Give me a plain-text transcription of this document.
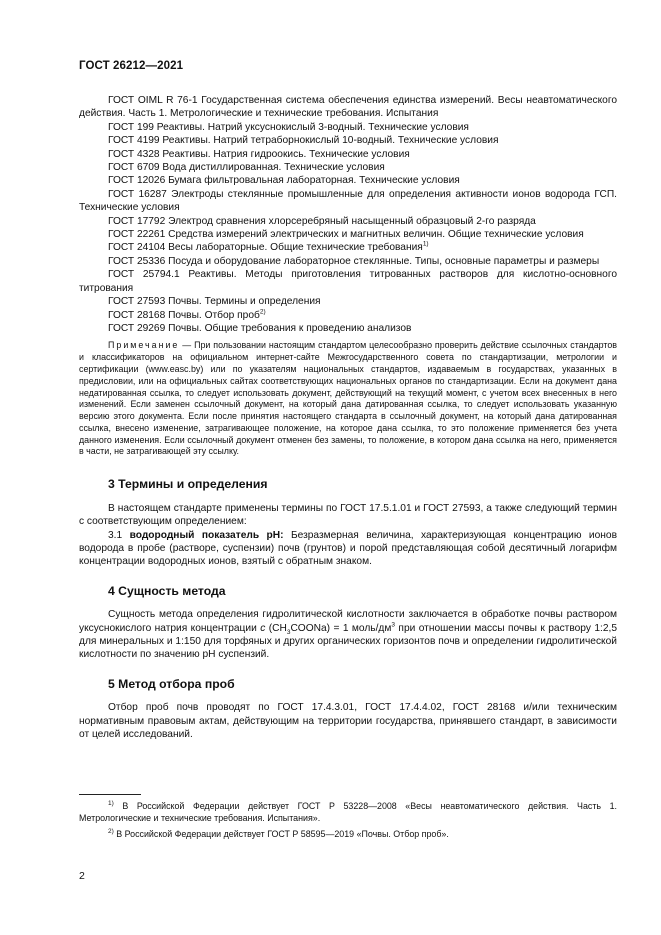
ГОСТ 26212—2021

ГОСТ OIML R 76-1 Государственная система обеспечения единства измерений. Весы неавтоматического действия. Часть 1. Метрологические и технические требования. Испытания

ГОСТ 199 Реактивы. Натрий уксуснокислый 3-водный. Технические условия

ГОСТ 4199 Реактивы. Натрий тетраборнокислый 10-водный. Технические условия

ГОСТ 4328 Реактивы. Натрия гидроокись. Технические условия

ГОСТ 6709 Вода дистиллированная. Технические условия

ГОСТ 12026 Бумага фильтровальная лабораторная. Технические условия

ГОСТ 16287 Электроды стеклянные промышленные для определения активности ионов водорода ГСП. Технические условия

ГОСТ 17792 Электрод сравнения хлорсеребряный насыщенный образцовый 2-го разряда

ГОСТ 22261 Средства измерений электрических и магнитных величин. Общие технические условия

ГОСТ 24104 Весы лабораторные. Общие технические требования$^{1)}$

ГОСТ 25336 Посуда и оборудование лабораторное стеклянные. Типы, основные параметры и размеры

ГОСТ 25794.1 Реактивы. Методы приготовления титрованных растворов для кислотно-основного титрования

ГОСТ 27593 Почвы. Термины и определения

ГОСТ 28168 Почвы. Отбор проб$^{2)}$

ГОСТ 29269 Почвы. Общие требования к проведению анализов

Примечание — При пользовании настоящим стандартом целесообразно проверить действие ссылочных стандартов и классификаторов на официальном интернет-сайте Межгосударственного совета по стандартизации, метрологии и сертификации (www.easc.by) или по указателям национальных стандартов, издаваемым в государствах, указанных в предисловии, или на официальных сайтах соответствующих национальных органов по стандартизации. Если на документ дана недатированная ссылка, то следует использовать документ, действующий на текущий момент, с учетом всех внесенных в него изменений. Если заменен ссылочный документ, на который дана датированная ссылка, то следует использовать указанную версию этого документа. Если после принятия настоящего стандарта в ссылочный документ, на который дана датированная ссылка, внесено изменение, затрагивающее положение, на которое дана ссылка, то это положение применяется без учета данного изменения. Если ссылочный документ отменен без замены, то положение, в котором дана ссылка на него, применяется в части, не затрагивающей эту ссылку.

3 Термины и определения

В настоящем стандарте применены термины по ГОСТ 17.5.1.01 и ГОСТ 27593, а также следующий термин с соответствующим определением:

3.1 водородный показатель pH: Безразмерная величина, характеризующая концентрацию ионов водорода в пробе (растворе, суспензии) почв (грунтов) и порой представляющая собой десятичный логарифм концентрации водородных ионов, взятый с обратным знаком.

4 Сущность метода

Сущность метода определения гидролитической кислотности заключается в обработке почвы раствором уксуснокислого натрия концентрации c $(CH_3COONa) = 1$ моль/$дм^3$ при отношении массы почвы к раствору 1:2,5 для минеральных и 1:150 для торфяных и других органических горизонтов почв и определении гидролитической кислотности по значению pH суспензий.

5 Метод отбора проб

Отбор проб почв проводят по ГОСТ 17.4.3.01, ГОСТ 17.4.4.02, ГОСТ 28168 и/или техническим нормативным правовым актам, действующим на территории государства, принявшего стандарт, в зависимости от целей исследований.

$^{1)}$ В Российской Федерации действует ГОСТ Р 53228—2008 «Весы неавтоматического действия. Часть 1. Метрологические и технические требования. Испытания».

$^{2)}$ В Российской Федерации действует ГОСТ Р 58595—2019 «Почвы. Отбор проб».

2
